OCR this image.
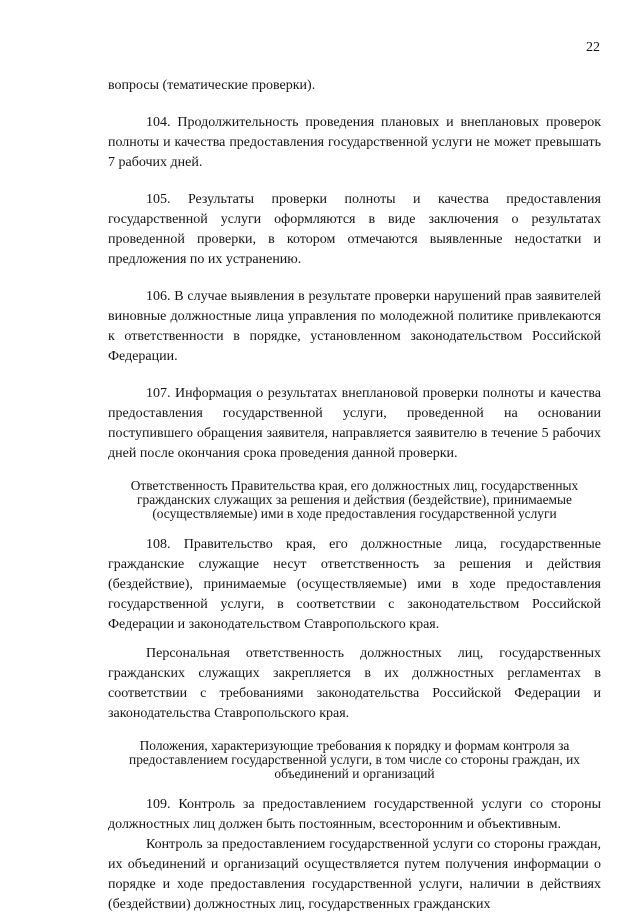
22

вопросы (тематические проверки).

104. Продолжительность проведения плановых и внеплановых проверок полноты и качества предоставления государственной услуги не может превышать 7 рабочих дней.

105. Результаты проверки полноты и качества предоставления государственной услуги оформляются в виде заключения о результатах проведенной проверки, в котором отмечаются выявленные недостатки и предложения по их устранению.

106. В случае выявления в результате проверки нарушений прав заявителей виновные должностные лица управления по молодежной политике привлекаются к ответственности в порядке, установленном законодательством Российской Федерации.

107. Информация о результатах внеплановой проверки полноты и качества предоставления государственной услуги, проведенной на основании поступившего обращения заявителя, направляется заявителю в течение 5 рабочих дней после окончания срока проведения данной проверки.

Ответственность Правительства края, его должностных лиц, государственных гражданских служащих за решения и действия (бездействие), принимаемые (осуществляемые) ими в ходе предоставления государственной услуги

108. Правительство края, его должностные лица, государственные гражданские служащие несут ответственность за решения и действия (бездействие), принимаемые (осуществляемые) ими в ходе предоставления государственной услуги, в соответствии с законодательством Российской Федерации и законодательством Ставропольского края.

Персональная ответственность должностных лиц, государственных гражданских служащих закрепляется в их должностных регламентах в соответствии с требованиями законодательства Российской Федерации и законодательства Ставропольского края.

Положения, характеризующие требования к порядку и формам контроля за предоставлением государственной услуги, в том числе со стороны граждан, их объединений и организаций

109. Контроль за предоставлением государственной услуги со стороны должностных лиц должен быть постоянным, всесторонним и объективным.

Контроль за предоставлением государственной услуги со стороны граждан, их объединений и организаций осуществляется путем получения информации о порядке и ходе предоставления государственной услуги, наличии в действиях (бездействии) должностных лиц, государственных гражданских
